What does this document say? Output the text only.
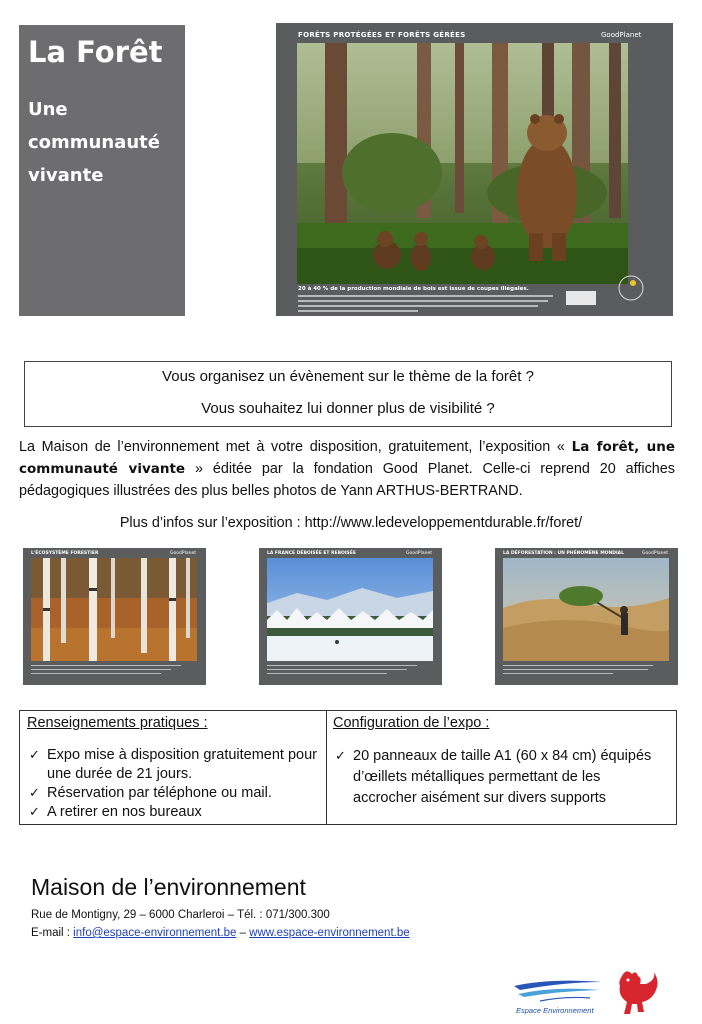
La Forêt
Une communauté vivante
FORÊTS PROTÉGÉES ET FORÊTS GÉRÉES	GoodPlanet
20 à 40 % de la production mondiale de bois est issue de coupes illégales.
Vous organisez un évènement sur le thème de la forêt ?
Vous souhaitez lui donner plus de visibilité ?
La Maison de l’environnement met à votre disposition, gratuitement, l’exposition « La forêt, une communauté vivante » éditée par la fondation Good Planet. Celle-ci reprend 20 affiches pédagogiques illustrées des plus belles photos de Yann ARTHUS-BERTRAND.
Plus d’infos sur l’exposition : http://www.ledeveloppementdurable.fr/foret/
L'ÉCOSYSTÈME FORESTIER	GoodPlanet	LA FRANCE DÉBOISÉE ET REBOISÉE	GoodPlanet	LA DÉFORESTATION : UN PHÉNOMÈNE MONDIAL	GoodPlanet
Renseignements pratiques :
✓ Expo mise à disposition gratuitement pour une durée de 21 jours.
✓ Réservation par téléphone ou mail.
✓ A retirer en nos bureaux
Configuration de l’expo :
✓ 20 panneaux de taille A1 (60 x 84 cm) équipés d’œillets métalliques permettant de les accrocher aisément sur divers supports
Maison de l’environnement
Rue de Montigny, 29 – 6000 Charleroi – Tél. : 071/300.300
E-mail : info@espace-environnement.be – www.espace-environnement.be
Espace Environnement
